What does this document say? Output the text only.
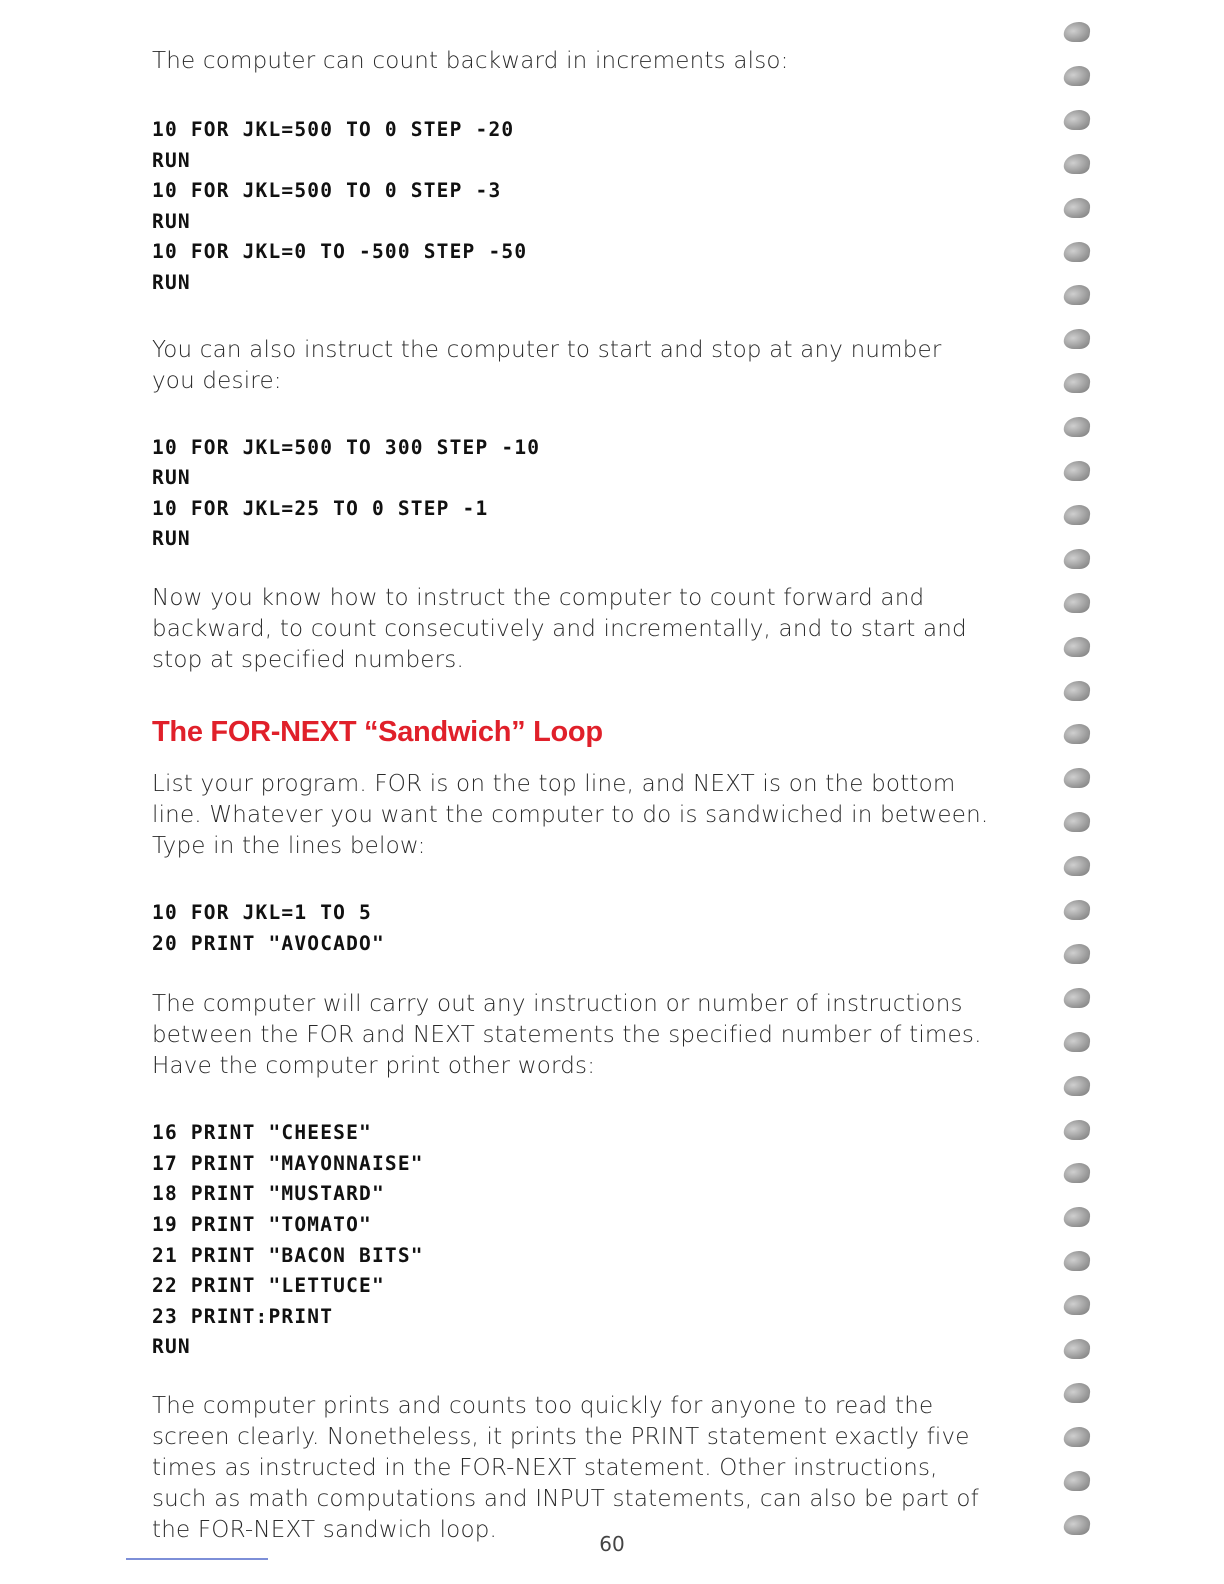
The computer can count backward in increments also:

10 FOR JKL=500 TO 0 STEP -20
RUN
10 FOR JKL=500 TO 0 STEP -3
RUN
10 FOR JKL=0 TO -500 STEP -50
RUN

You can also instruct the computer to start and stop at any number you desire:

10 FOR JKL=500 TO 300 STEP -10
RUN
10 FOR JKL=25 TO 0 STEP -1
RUN

Now you know how to instruct the computer to count forward and backward, to count consecutively and incrementally, and to start and stop at specified numbers.

The FOR-NEXT “Sandwich” Loop

List your program. FOR is on the top line, and NEXT is on the bottom line. Whatever you want the computer to do is sandwiched in between. Type in the lines below:

10 FOR JKL=1 TO 5
20 PRINT "AVOCADO"

The computer will carry out any instruction or number of instructions between the FOR and NEXT statements the specified number of times. Have the computer print other words:

16 PRINT "CHEESE"
17 PRINT "MAYONNAISE"
18 PRINT "MUSTARD"
19 PRINT "TOMATO"
21 PRINT "BACON BITS"
22 PRINT "LETTUCE"
23 PRINT:PRINT
RUN

The computer prints and counts too quickly for anyone to read the screen clearly. Nonetheless, it prints the PRINT statement exactly five times as instructed in the FOR-NEXT statement. Other instructions, such as math computations and INPUT statements, can also be part of the FOR-NEXT sandwich loop.

60
